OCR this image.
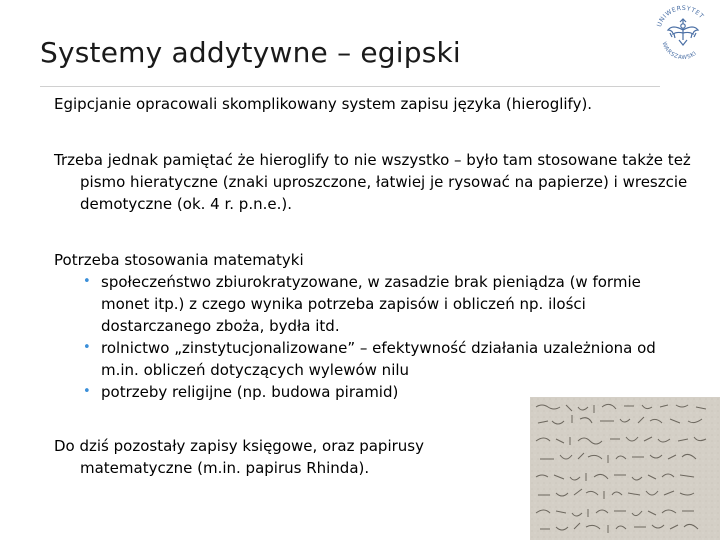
Systemy addytywne – egipski
UNIWERSYTET
WARSZAWSKI
Egipcjanie opracowali skomplikowany system zapisu języka (hieroglify).
Trzeba jednak pamiętać że hieroglify to nie wszystko – było tam stosowane także też pismo hieratyczne (znaki uproszczone, łatwiej je rysować na papierze) i wreszcie demotyczne (ok. 4 r. p.n.e.).
Potrzeba stosowania matematyki
• społeczeństwo zbiurokratyzowane, w zasadzie brak pieniądza (w formie monet itp.) z czego wynika potrzeba zapisów i obliczeń np. ilości dostarczanego zboża, bydła itd.
• rolnictwo „zinstytucjonalizowane” – efektywność działania uzależniona od m.in. obliczeń dotyczących wylewów nilu
• potrzeby religijne (np. budowa piramid)
Do dziś pozostały zapisy księgowe, oraz papirusy matematyczne (m.in. papirus Rhinda).
